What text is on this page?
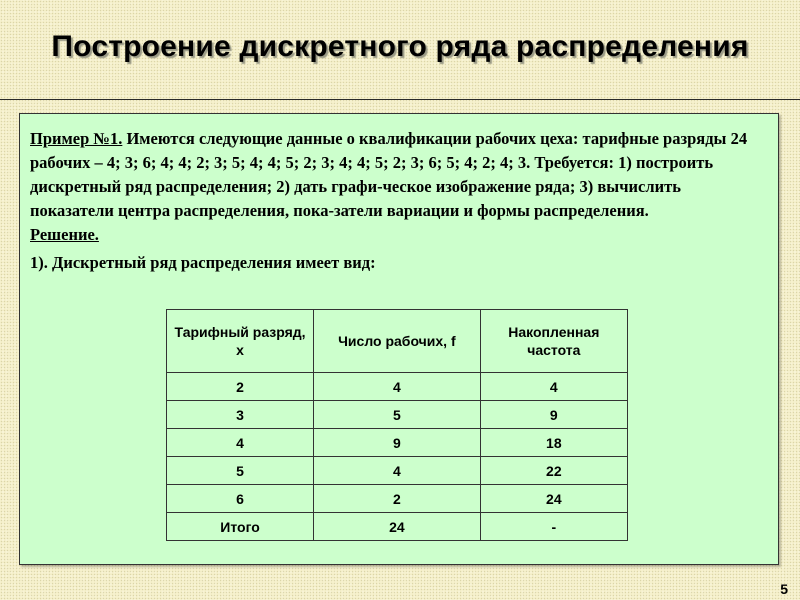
Построение дискретного ряда распределения

Пример №1. Имеются следующие данные о квалификации рабочих цеха: тарифные разряды 24 рабочих – 4; 3; 6; 4; 4; 2; 3; 5; 4; 4; 5; 2; 3; 4; 4; 5; 2; 3; 6; 5; 4; 2; 4; 3. Требуется: 1) построить дискретный ряд распределения; 2) дать графи-ческое изображение ряда; 3) вычислить показатели центра распределения, пока-затели вариации и формы распределения.

Решение.

1). Дискретный ряд распределения имеет вид:

Тарифный разряд, х	Число рабочих, f	Накопленная частота
2	4	4
3	5	9
4	9	18
5	4	22
6	2	24
Итого	24	-
5
